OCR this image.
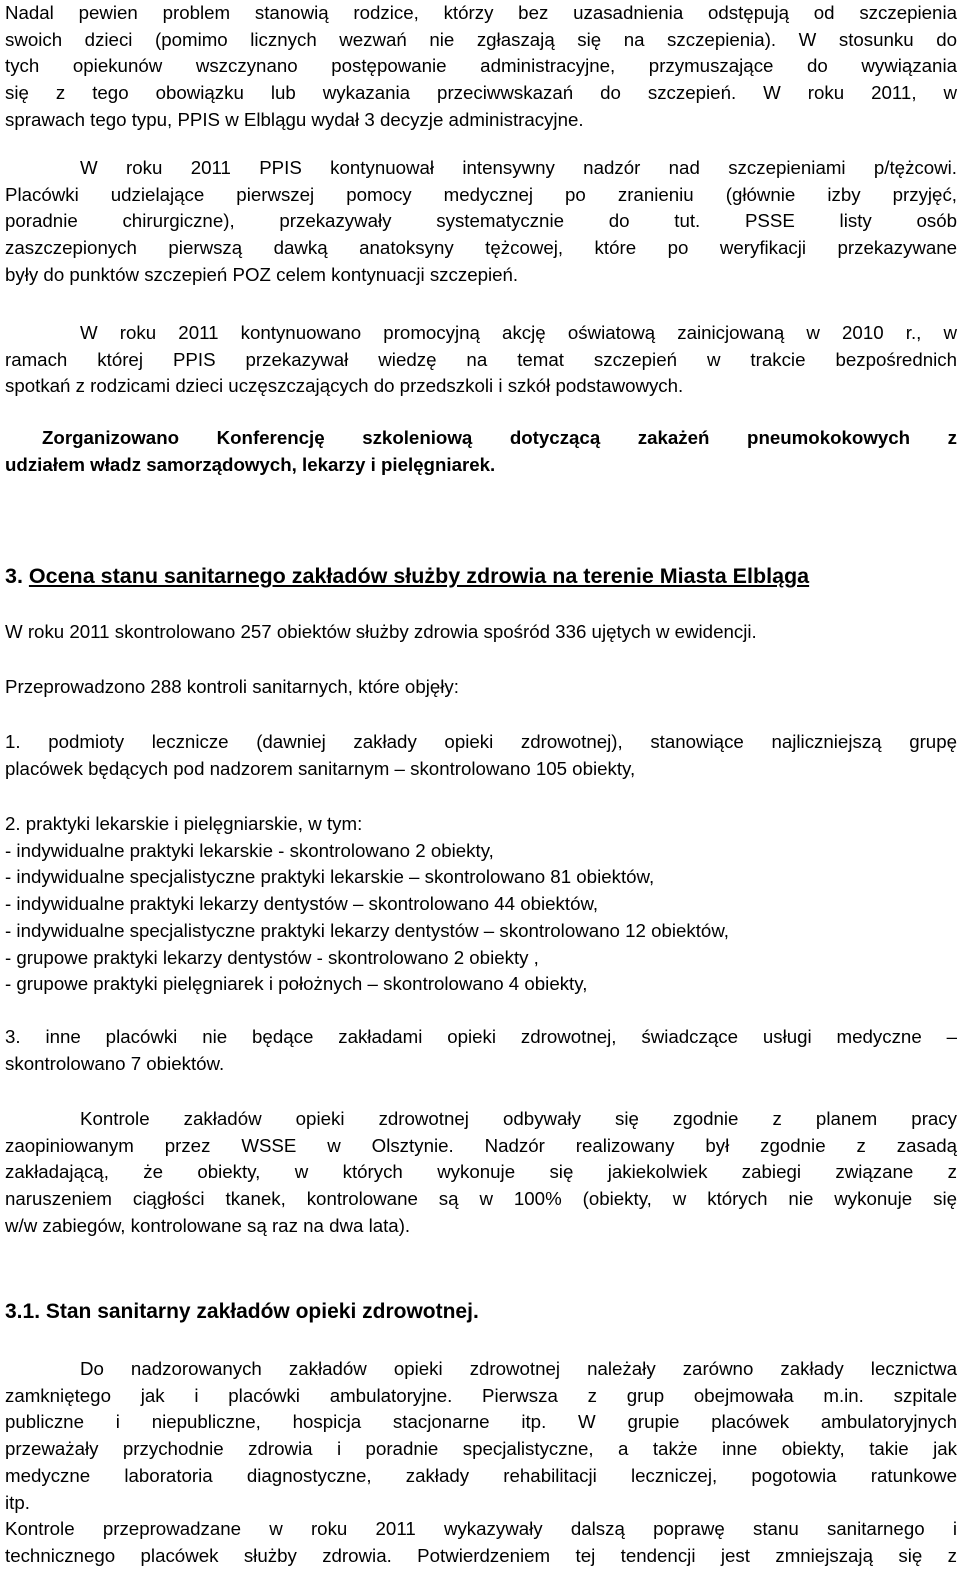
Nadal pewien problem stanowią rodzice, którzy bez uzasadnienia odstępują od szczepienia
swoich dzieci (pomimo licznych wezwań nie zgłaszają się na szczepienia). W stosunku do
tych opiekunów wszczynano postępowanie administracyjne, przymuszające do wywiązania
się z tego obowiązku lub wykazania przeciwwskazań do szczepień. W roku 2011, w
sprawach tego typu, PPIS w Elblągu wydał 3 decyzje administracyjne.

W roku 2011 PPIS kontynuował intensywny nadzór nad szczepieniami p/tężcowi.
Placówki udzielające pierwszej pomocy medycznej po zranieniu (głównie izby przyjęć,
poradnie chirurgiczne), przekazywały systematycznie do tut. PSSE listy osób
zaszczepionych pierwszą dawką anatoksyny tężcowej, które po weryfikacji przekazywane
były do punktów szczepień POZ celem kontynuacji szczepień.

W roku 2011 kontynuowano promocyjną akcję oświatową zainicjowaną w 2010 r., w
ramach której PPIS przekazywał wiedzę na temat szczepień w trakcie bezpośrednich
spotkań z rodzicami dzieci uczęszczających do przedszkoli i szkół podstawowych.

Zorganizowano Konferencję szkoleniową dotyczącą zakażeń pneumokokowych z
udziałem władz samorządowych, lekarzy i pielęgniarek.

3. Ocena stanu sanitarnego zakładów służby zdrowia na terenie Miasta Elbląga

W roku 2011 skontrolowano 257 obiektów służby zdrowia spośród 336 ujętych w ewidencji.

Przeprowadzono 288 kontroli sanitarnych, które objęły:

1. podmioty lecznicze (dawniej zakłady opieki zdrowotnej), stanowiące najliczniejszą grupę
placówek będących pod nadzorem sanitarnym – skontrolowano 105 obiekty,

2. praktyki lekarskie i pielęgniarskie, w tym:
- indywidualne praktyki lekarskie - skontrolowano 2 obiekty,
- indywidualne specjalistyczne praktyki lekarskie – skontrolowano 81 obiektów,
- indywidualne praktyki lekarzy dentystów – skontrolowano 44 obiektów,
- indywidualne specjalistyczne praktyki lekarzy dentystów – skontrolowano 12 obiektów,
- grupowe praktyki lekarzy dentystów - skontrolowano 2 obiekty ,
- grupowe praktyki pielęgniarek i położnych – skontrolowano 4 obiekty,

3. inne placówki nie będące zakładami opieki zdrowotnej, świadczące usługi medyczne –
skontrolowano 7 obiektów.

Kontrole zakładów opieki zdrowotnej odbywały się zgodnie z planem pracy
zaopiniowanym przez WSSE w Olsztynie. Nadzór realizowany był zgodnie z zasadą
zakładającą, że obiekty, w których wykonuje się jakiekolwiek zabiegi związane z
naruszeniem ciągłości tkanek, kontrolowane są w 100% (obiekty, w których nie wykonuje się
w/w zabiegów, kontrolowane są raz na dwa lata).

3.1. Stan sanitarny zakładów opieki zdrowotnej.

Do nadzorowanych zakładów opieki zdrowotnej należały zarówno zakłady lecznictwa
zamkniętego jak i placówki ambulatoryjne. Pierwsza z grup obejmowała m.in. szpitale
publiczne i niepubliczne, hospicja stacjonarne itp. W grupie placówek ambulatoryjnych
przeważały przychodnie zdrowia i poradnie specjalistyczne, a także inne obiekty, takie jak
medyczne laboratoria diagnostyczne, zakłady rehabilitacji leczniczej, pogotowia ratunkowe
itp.

Kontrole przeprowadzane w roku 2011 wykazywały dalszą poprawę stanu sanitarnego i
technicznego placówek służby zdrowia. Potwierdzeniem tej tendencji jest zmniejszają się z
